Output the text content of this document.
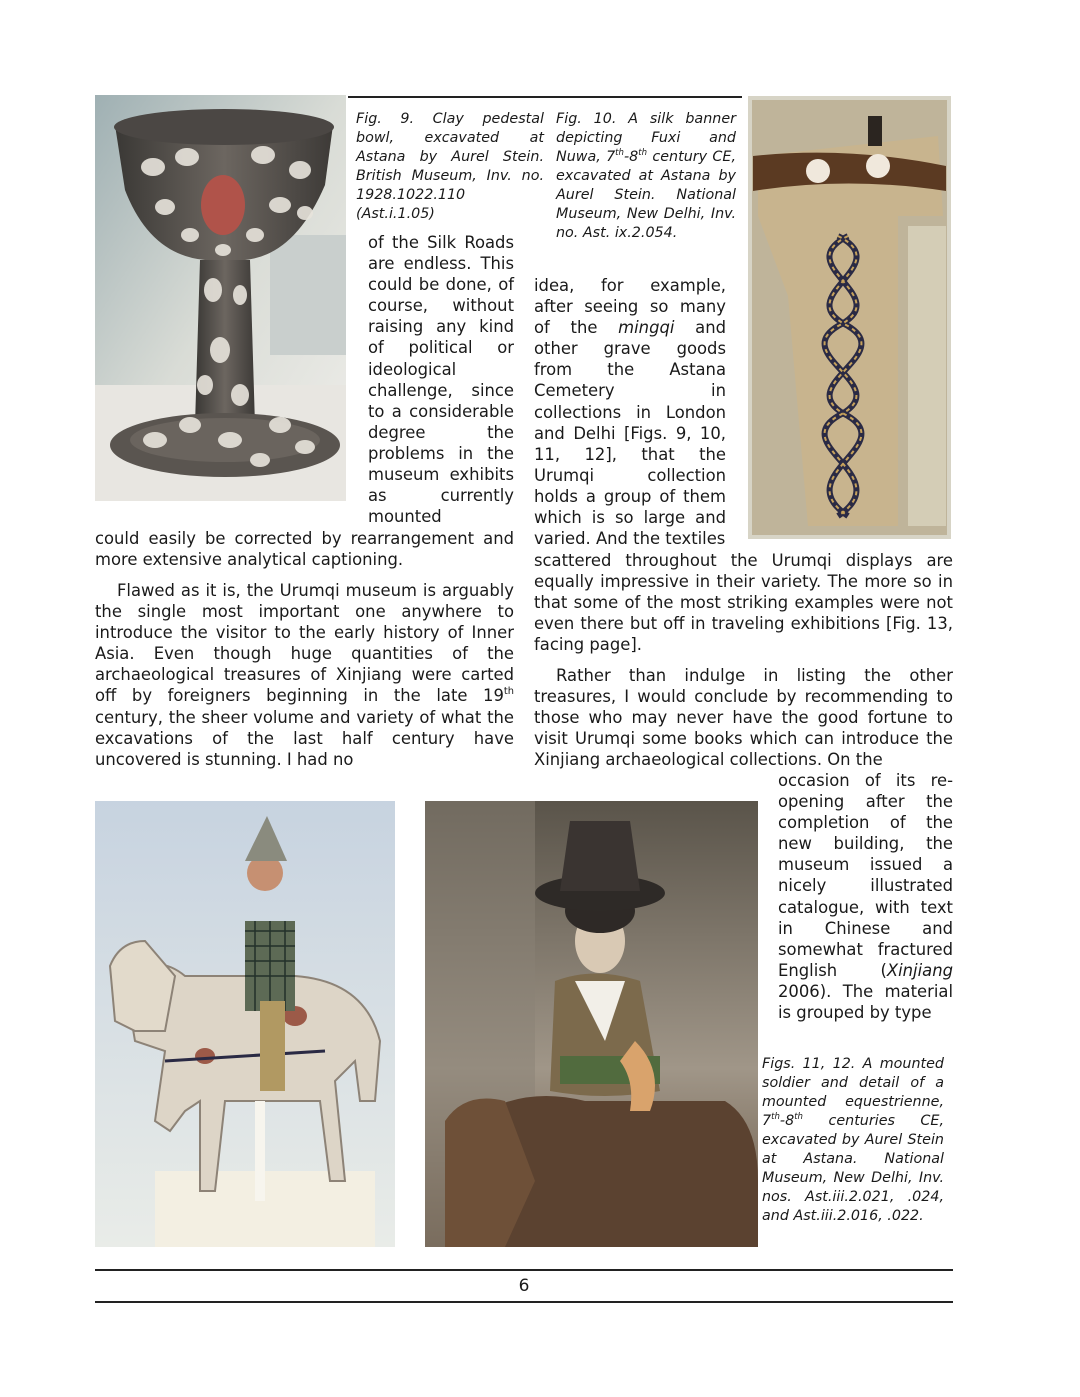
Fig. 9. Clay pedestal bowl, excavated at Astana by Aurel Stein. British Museum, Inv. no. 1928.1022.110 (Ast.i.1.05)
Fig. 10. A silk banner depicting Fuxi and Nuwa, 7th-8th century CE, excavated at Astana by Aurel Stein. National Museum, New Delhi, Inv. no. Ast. ix.2.054.
of the Silk Roads are endless. This could be done, of course, without raising any kind of political or ideological challenge, since to a considerable degree the problems in the museum exhibits as currently mounted

could easily be corrected by rearrangement and more extensive analytical captioning.

Flawed as it is, the Urumqi museum is arguably the single most important one anywhere to introduce the visitor to the early history of Inner Asia. Even though huge quantities of the archaeological treasures of Xinjiang were carted off by foreigners beginning in the late 19th century, the sheer volume and variety of what the excavations of the last half century have uncovered is stunning. I had no

idea, for example, after seeing so many of the mingqi and other grave goods from the Astana Cemetery in collections in London and Delhi [Figs. 9, 10, 11, 12], that the Urumqi collection holds a group of them which is so large and varied. And the textiles

scattered throughout the Urumqi displays are equally impressive in their variety. The more so in that some of the most striking examples were not even there but off in traveling exhibitions [Fig. 13, facing page].

Rather than indulge in listing the other treasures, I would conclude by recommending to those who may never have the good fortune to visit Urumqi some books which can introduce the Xinjiang archaeological collections. On the

occasion of its re-opening after the completion of the new building, the museum issued a nicely illustrated catalogue, with text in Chinese and somewhat fractured English (Xinjiang 2006). The material is grouped by type

Figs. 11, 12. A mounted soldier and detail of a mounted equestrienne, 7th-8th centuries CE, excavated by Aurel Stein at Astana. National Museum, New Delhi, Inv. nos. Ast.iii.2.021, .024, and Ast.iii.2.016, .022.
6
